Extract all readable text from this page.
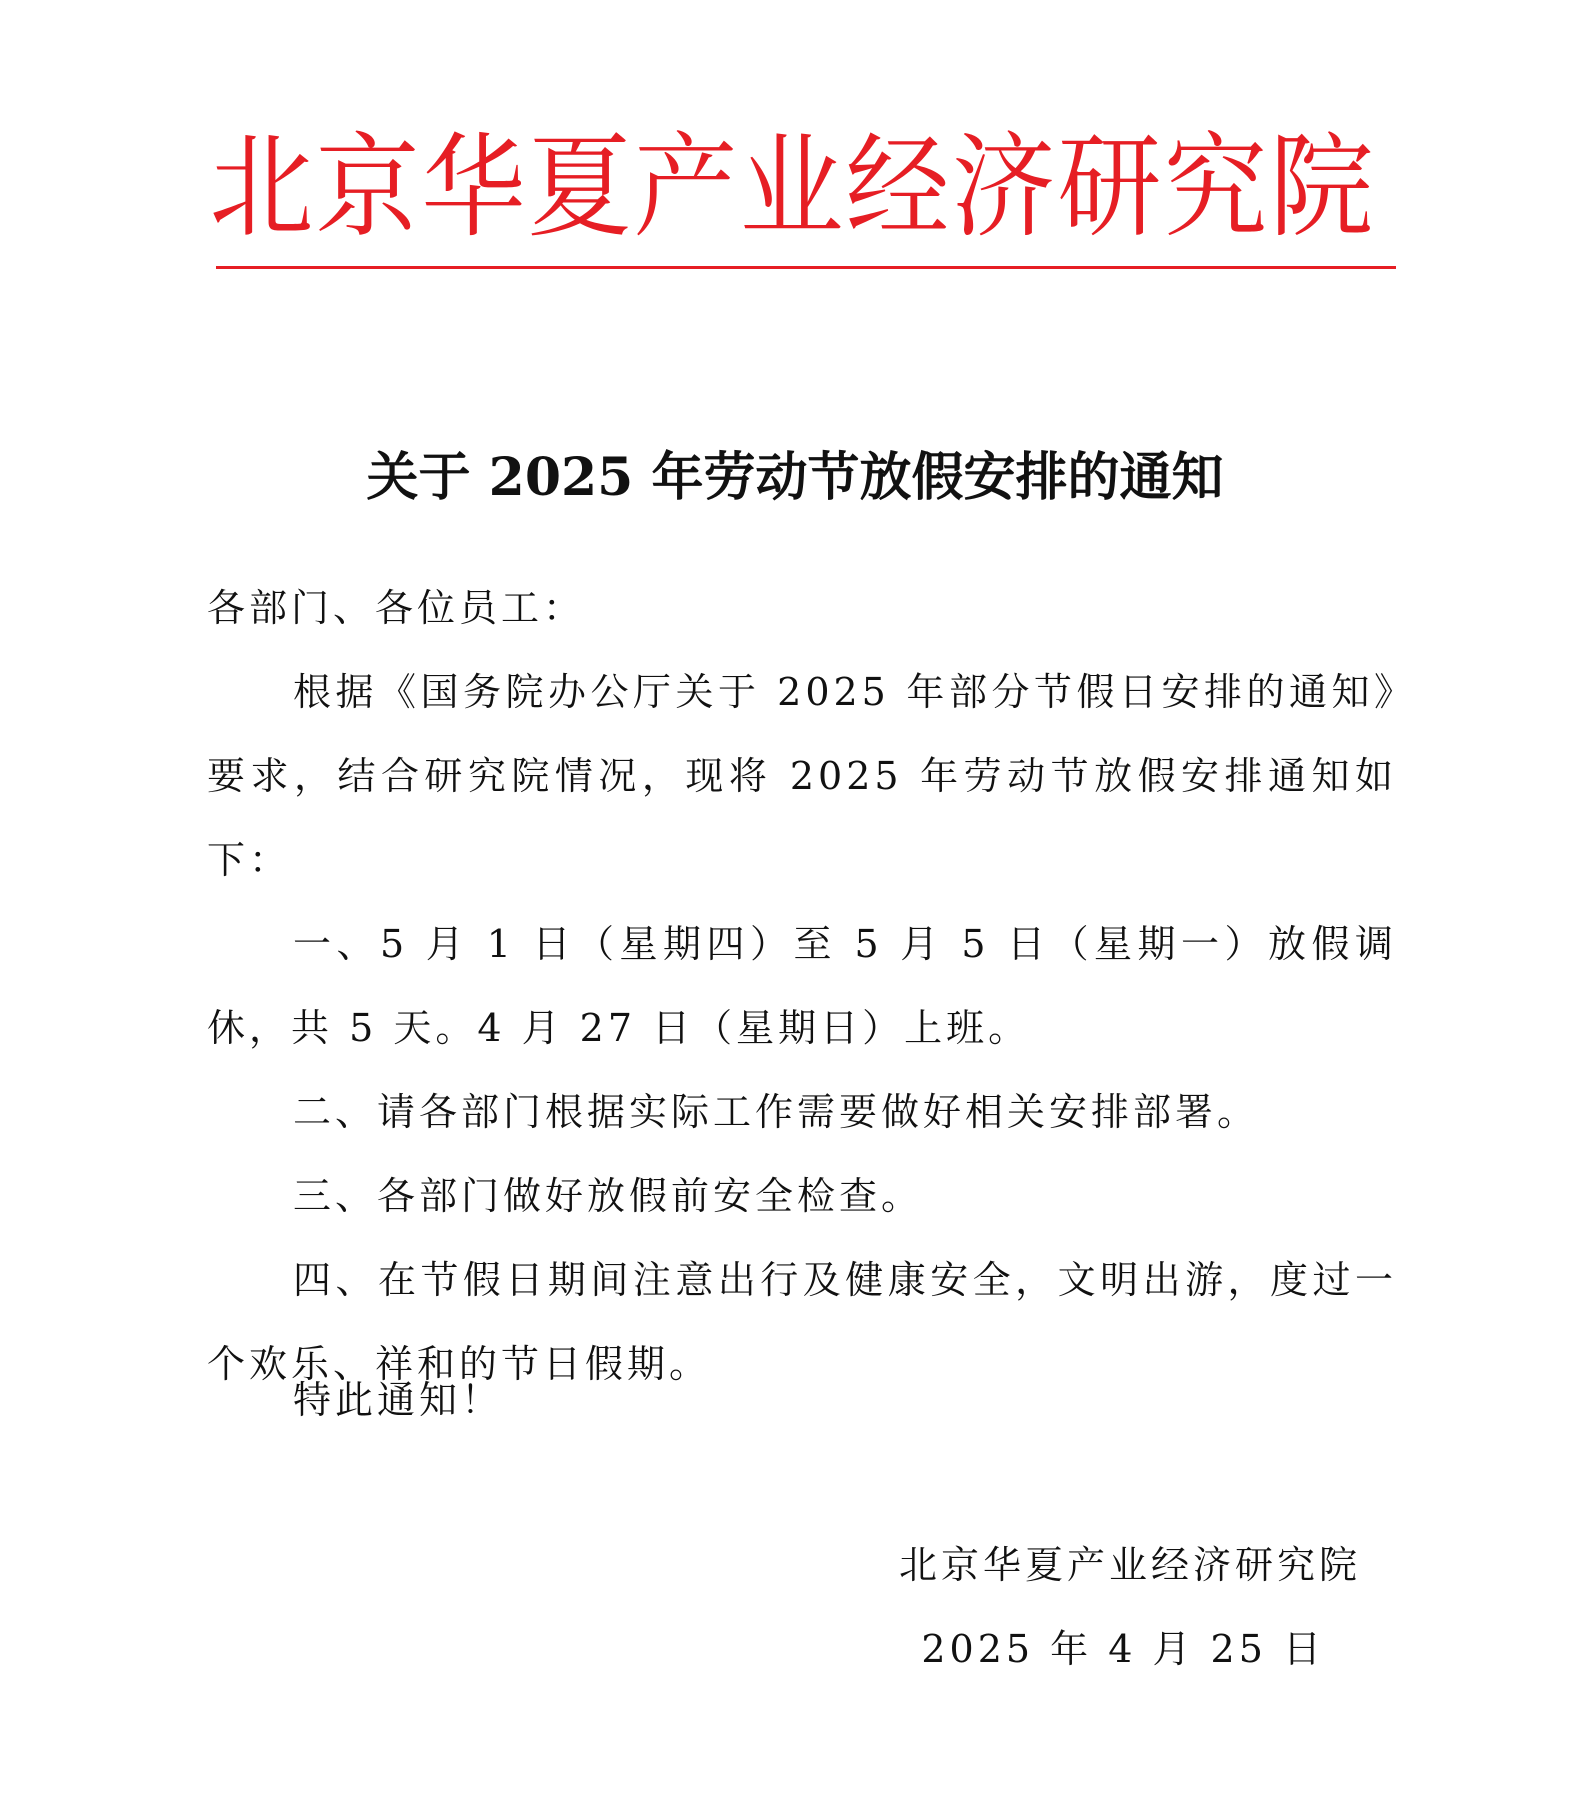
北京华夏产业经济研究院
关于 2025 年劳动节放假安排的通知

各部门、各位员工：

根据《国务院办公厅关于 2025 年部分节假日安排的通知》要求，结合研究院情况，现将 2025 年劳动节放假安排通知如下：

一、5 月 1 日（星期四）至 5 月 5 日（星期一）放假调休，共 5 天。4 月 27 日（星期日）上班。

二、请各部门根据实际工作需要做好相关安排部署。

三、各部门做好放假前安全检查。

四、在节假日期间注意出行及健康安全，文明出游，度过一个欢乐、祥和的节日假期。

特此通知！
北京华夏产业经济研究院
2025 年 4 月 25 日
